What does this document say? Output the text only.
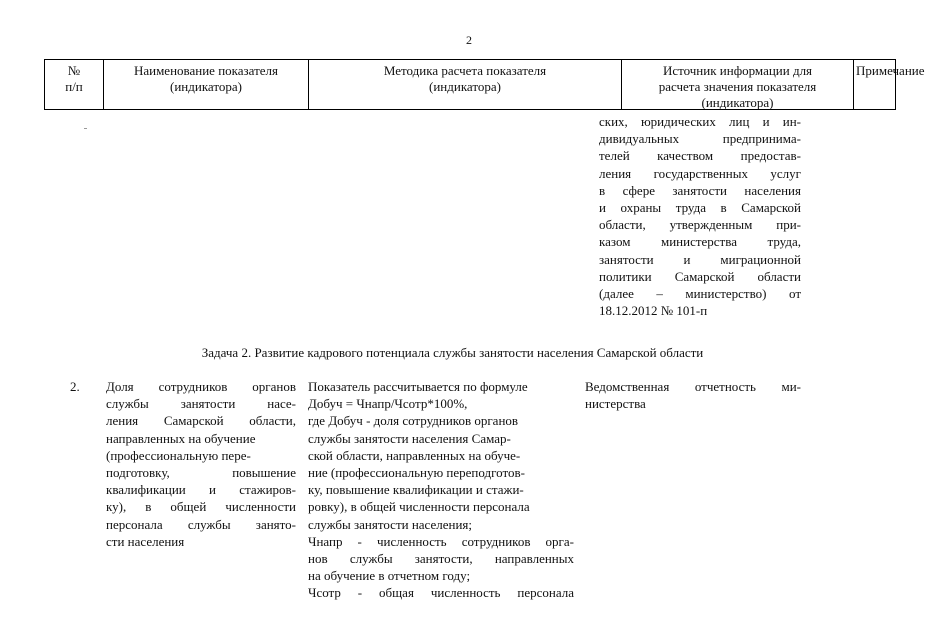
2
№
п/п
Наименование показателя
(индикатора)
Методика расчета показателя
(индикатора)
Источник информации для
расчета значения показателя
(индикатора)
Примечание
ских, юридических лиц и ин-
дивидуальных предпринима-
телей качеством предостав-
ления государственных услуг
в сфере занятости населения
и охраны труда в Самарской
области, утвержденным при-
казом министерства труда,
занятости и миграционной
политики Самарской области
(далее – министерство) от
18.12.2012 № 101-п
Задача 2. Развитие кадрового потенциала службы занятости населения Самарской области
2. Доля сотрудников органов
службы занятости насе-
ления Самарской области,
направленных на обучение
(профессиональную пере-
подготовку, повышение
квалификации и стажиров-
ку), в общей численности
персонала службы занято-
сти населения
Показатель рассчитывается по формуле
Добуч = Чнапр/Чсотр*100%,
где Добуч - доля сотрудников органов
службы занятости населения Самар-
ской области, направленных на обуче-
ние (профессиональную переподготов-
ку, повышение квалификации и стажи-
ровку), в общей численности персонала
службы занятости населения;
Чнапр - численность сотрудников орга-
нов службы занятости, направленных
на обучение в отчетном году;
Чсотр - общая численность персонала
Ведомственная отчетность ми-
нистерства
